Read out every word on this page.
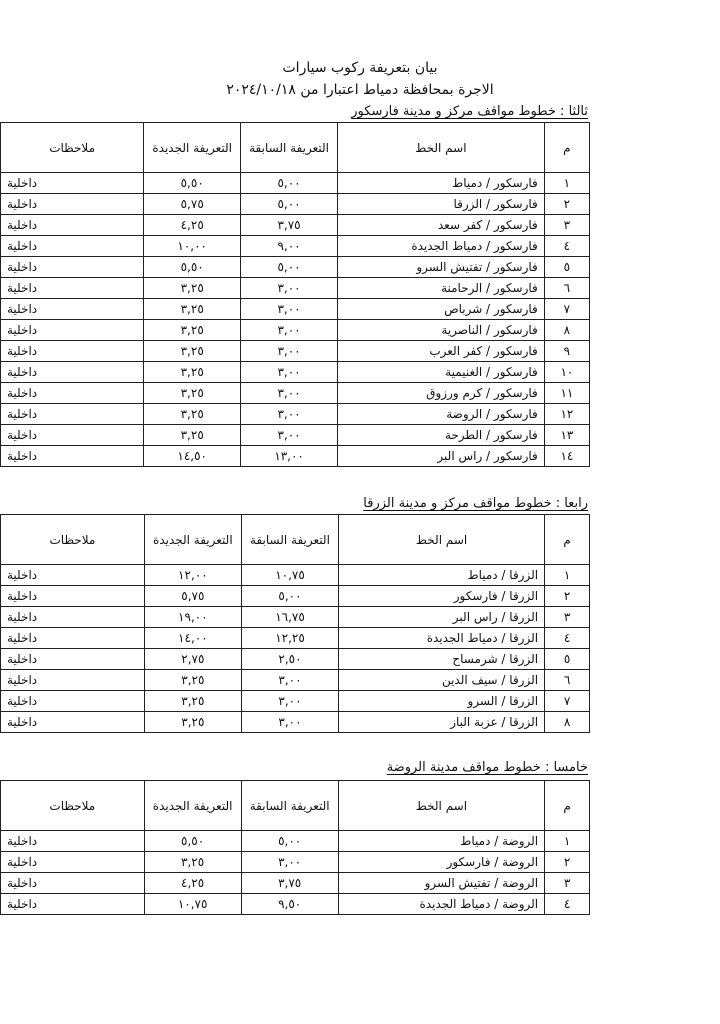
بيان بتعريفة ركوب سيارات
الاجرة بمحافظة دمياط اعتبارا من ٢٠٢٤/١٠/١٨
ثالثا : خطوط مواقف مركز و مدينة فارسكور
م	اسم الخط	التعريفة السابقة	التعريفة الجديدة	ملاحظات
١	فارسكور / دمياط	٥,٠٠	٥,٥٠	داخلية
٢	فارسكور / الزرقا	٥,٠٠	٥,٧٥	داخلية
٣	فارسكور / كفر سعد	٣,٧٥	٤,٢٥	داخلية
٤	فارسكور / دمياط الجديدة	٩,٠٠	١٠,٠٠	داخلية
٥	فارسكور / تفتيش السرو	٥,٠٠	٥,٥٠	داخلية
٦	فارسكور / الرحامنة	٣,٠٠	٣,٢٥	داخلية
٧	فارسكور / شرباص	٣,٠٠	٣,٢٥	داخلية
٨	فارسكور / الناصرية	٣,٠٠	٣,٢٥	داخلية
٩	فارسكور / كفر العرب	٣,٠٠	٣,٢٥	داخلية
١٠	فارسكور / الغنيمية	٣,٠٠	٣,٢٥	داخلية
١١	فارسكور / كرم ورزوق	٣,٠٠	٣,٢٥	داخلية
١٢	فارسكور / الروضة	٣,٠٠	٣,٢٥	داخلية
١٣	فارسكور / الطرحة	٣,٠٠	٣,٢٥	داخلية
١٤	فارسكور / راس البر	١٣,٠٠	١٤,٥٠	داخلية
رابعا : خطوط مواقف مركز و مدينة الزرقا
م	اسم الخط	التعريفة السابقة	التعريفة الجديدة	ملاحظات
١	الزرقا / دمياط	١٠,٧٥	١٢,٠٠	داخلية
٢	الزرقا / فارسكور	٥,٠٠	٥,٧٥	داخلية
٣	الزرقا / راس البر	١٦,٧٥	١٩,٠٠	داخلية
٤	الزرقا / دمياط الجديدة	١٢,٢٥	١٤,٠٠	داخلية
٥	الزرقا / شرمساح	٢,٥٠	٢,٧٥	داخلية
٦	الزرقا / سيف الدين	٣,٠٠	٣,٢٥	داخلية
٧	الزرقا / السرو	٣,٠٠	٣,٢٥	داخلية
٨	الزرقا / عزبة الباز	٣,٠٠	٣,٢٥	داخلية
خامسا : خطوط مواقف مدينة الروضة
م	اسم الخط	التعريفة السابقة	التعريفة الجديدة	ملاحظات
١	الروضة / دمياط	٥,٠٠	٥,٥٠	داخلية
٢	الروضة / فارسكور	٣,٠٠	٣,٢٥	داخلية
٣	الروضة / تفتيش السرو	٣,٧٥	٤,٢٥	داخلية
٤	الروضة / دمياط الجديدة	٩,٥٠	١٠,٧٥	داخلية
